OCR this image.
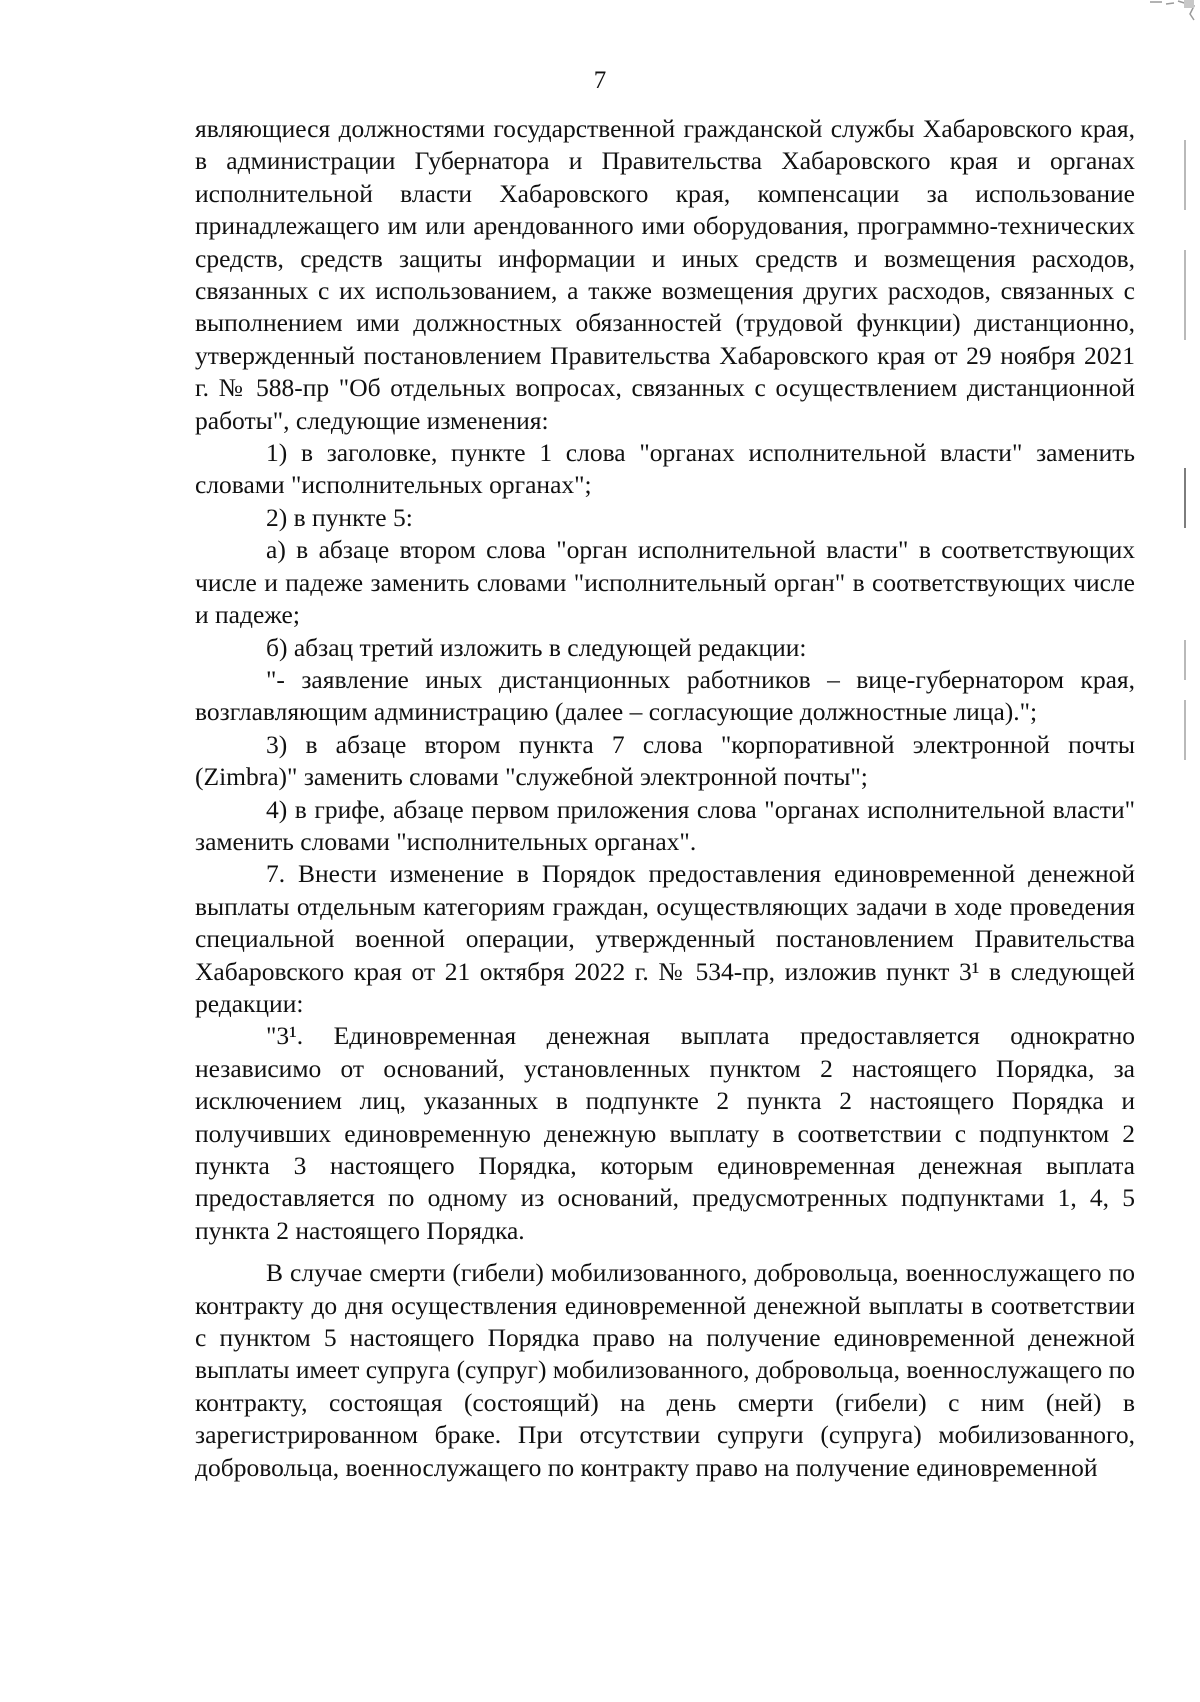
7

являющиеся должностями государственной гражданской службы Хабаровского края, в администрации Губернатора и Правительства Хабаровского края и органах исполнительной власти Хабаровского края, компенсации за использование принадлежащего им или арендованного ими оборудования, программно-технических средств, средств защиты информации и иных средств и возмещения расходов, связанных с их использованием, а также возмещения других расходов, связанных с выполнением ими должностных обязанностей (трудовой функции) дистанционно, утвержденный постановлением Правительства Хабаровского края от 29 ноября 2021 г. № 588-пр "Об отдельных вопросах, связанных с осуществлением дистанционной работы", следующие изменения:

1) в заголовке, пункте 1 слова "органах исполнительной власти" заменить словами "исполнительных органах";

2) в пункте 5:

а) в абзаце втором слова "орган исполнительной власти" в соответствующих числе и падеже заменить словами "исполнительный орган" в соответствующих числе и падеже;

б) абзац третий изложить в следующей редакции:

"- заявление иных дистанционных работников – вице-губернатором края, возглавляющим администрацию (далее – согласующие должностные лица).";

3) в абзаце втором пункта 7 слова "корпоративной электронной почты (Zimbra)" заменить словами "служебной электронной почты";

4) в грифе, абзаце первом приложения слова "органах исполнительной власти" заменить словами "исполнительных органах".

7. Внести изменение в Порядок предоставления единовременной денежной выплаты отдельным категориям граждан, осуществляющих задачи в ходе проведения специальной военной операции, утвержденный постановлением Правительства Хабаровского края от 21 октября 2022 г. № 534-пр, изложив пункт 3¹ в следующей редакции:

"3¹. Единовременная денежная выплата предоставляется однократно независимо от оснований, установленных пунктом 2 настоящего Порядка, за исключением лиц, указанных в подпункте 2 пункта 2 настоящего Порядка и получивших единовременную денежную выплату в соответствии с подпунктом 2 пункта 3 настоящего Порядка, которым единовременная денежная выплата предоставляется по одному из оснований, предусмотренных подпунктами 1, 4, 5 пункта 2 настоящего Порядка.

В случае смерти (гибели) мобилизованного, добровольца, военнослужащего по контракту до дня осуществления единовременной денежной выплаты в соответствии с пунктом 5 настоящего Порядка право на получение единовременной денежной выплаты имеет супруга (супруг) мобилизованного, добровольца, военнослужащего по контракту, состоящая (состоящий) на день смерти (гибели) с ним (ней) в зарегистрированном браке. При отсутствии супруги (супруга) мобилизованного, добровольца, военнослужащего по контракту право на получение единовременной
